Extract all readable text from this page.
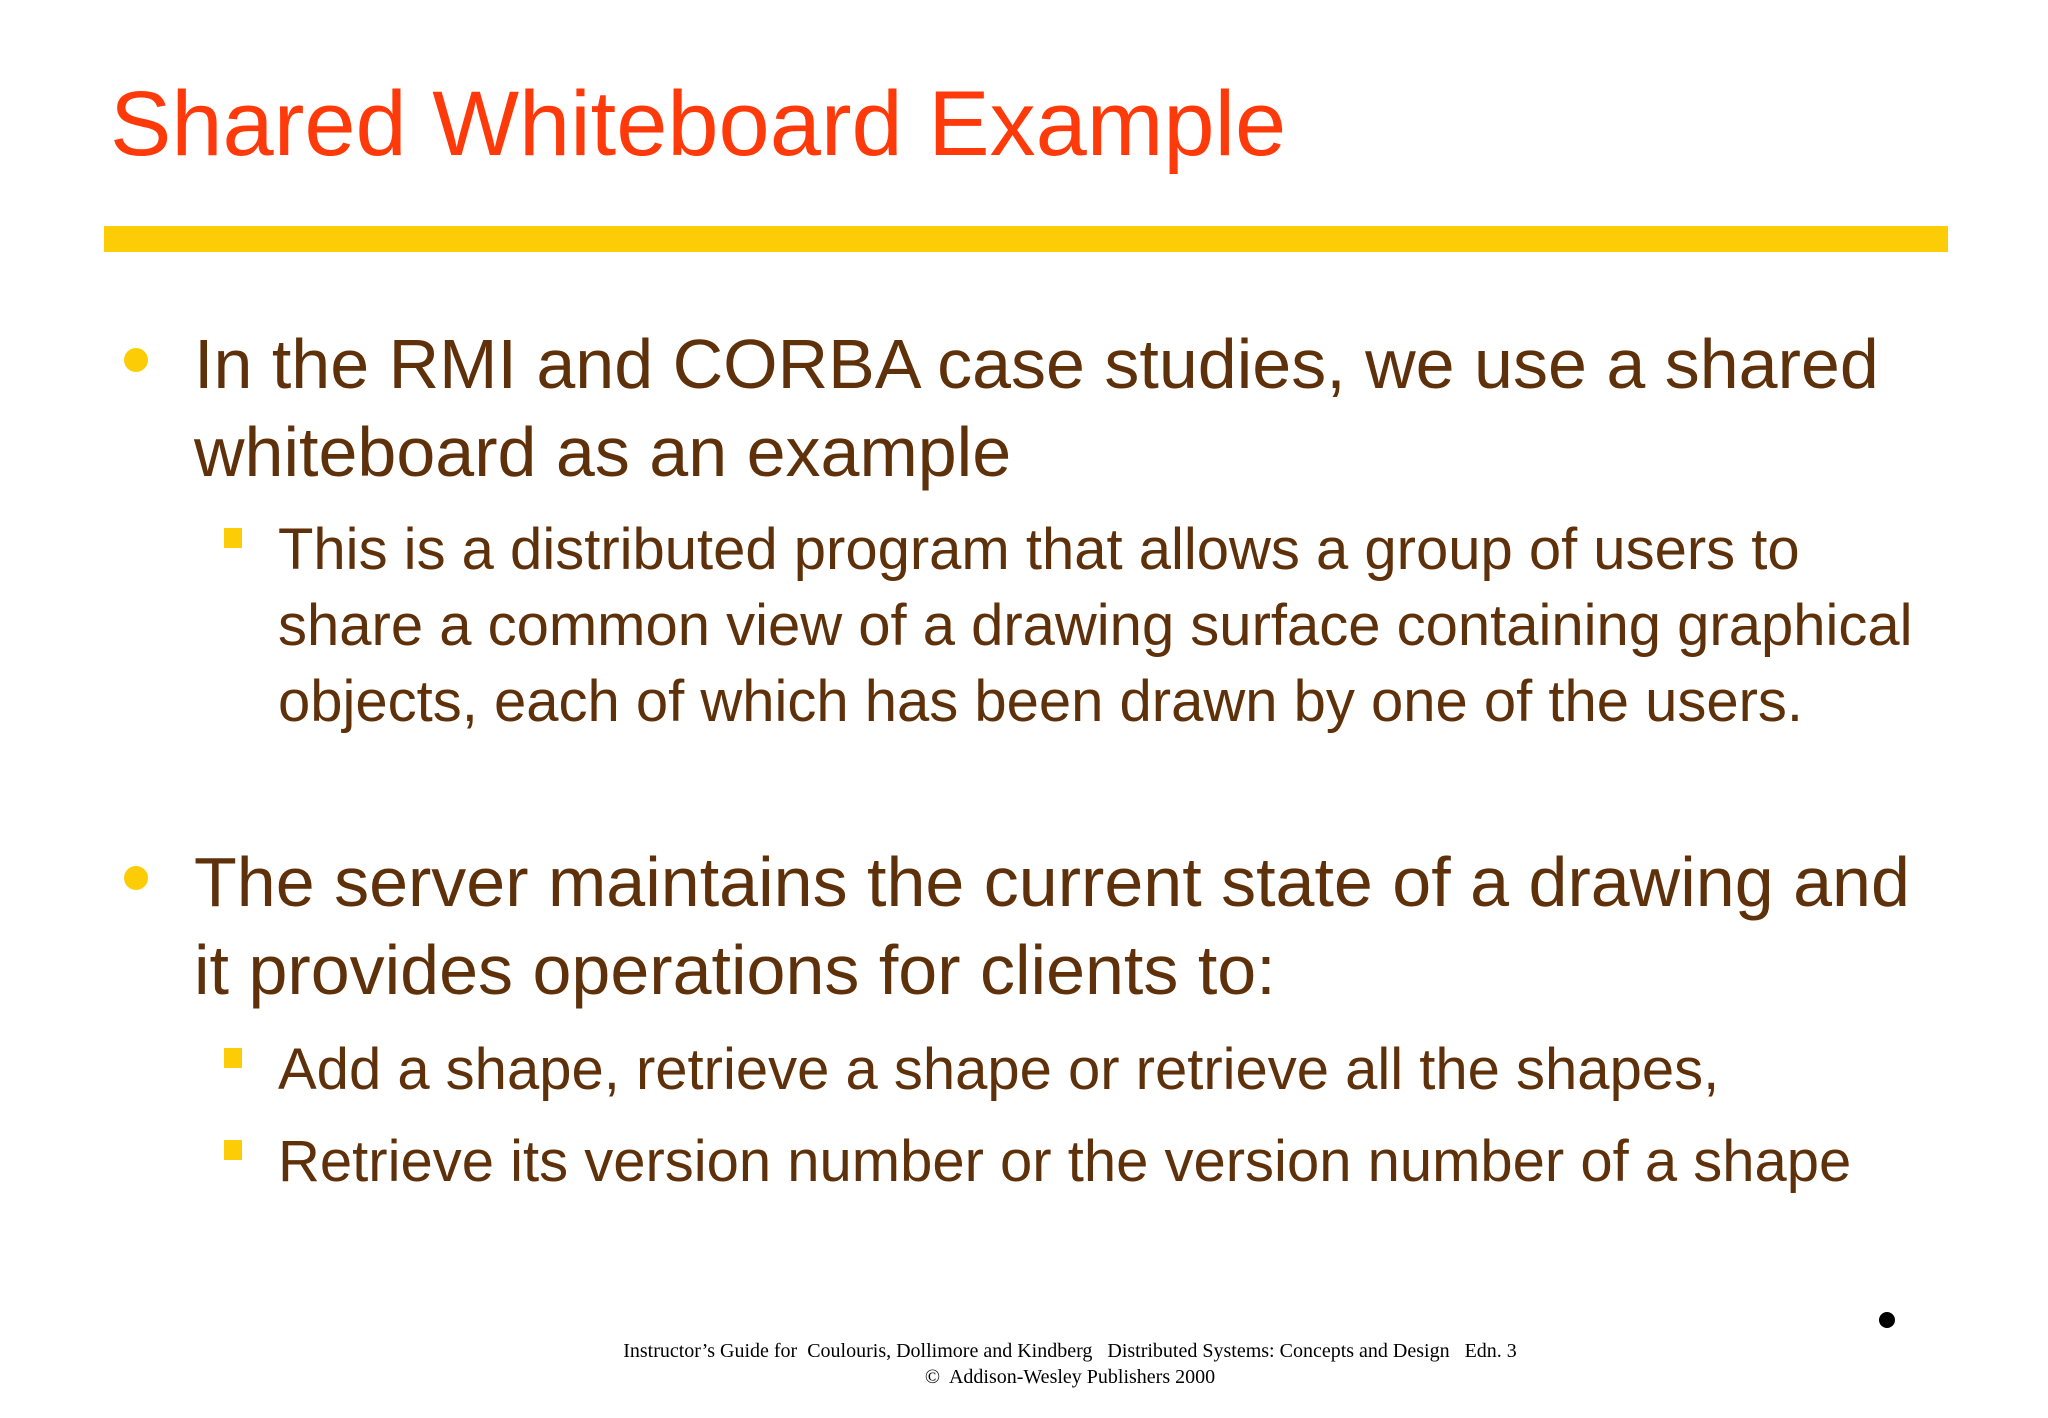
Shared Whiteboard Example

In the RMI and CORBA case studies, we use a shared whiteboard as an example

This is a distributed program that allows a group of users to share a common view of a drawing surface containing graphical objects, each of which has been drawn by one of the users.

The server maintains the current state of a drawing and it provides operations for clients to:

Add a shape, retrieve a shape or retrieve all the shapes,

Retrieve its version number or the version number of a shape

Instructor’s Guide for  Coulouris, Dollimore and Kindberg   Distributed Systems: Concepts and Design   Edn. 3
©  Addison-Wesley Publishers 2000
